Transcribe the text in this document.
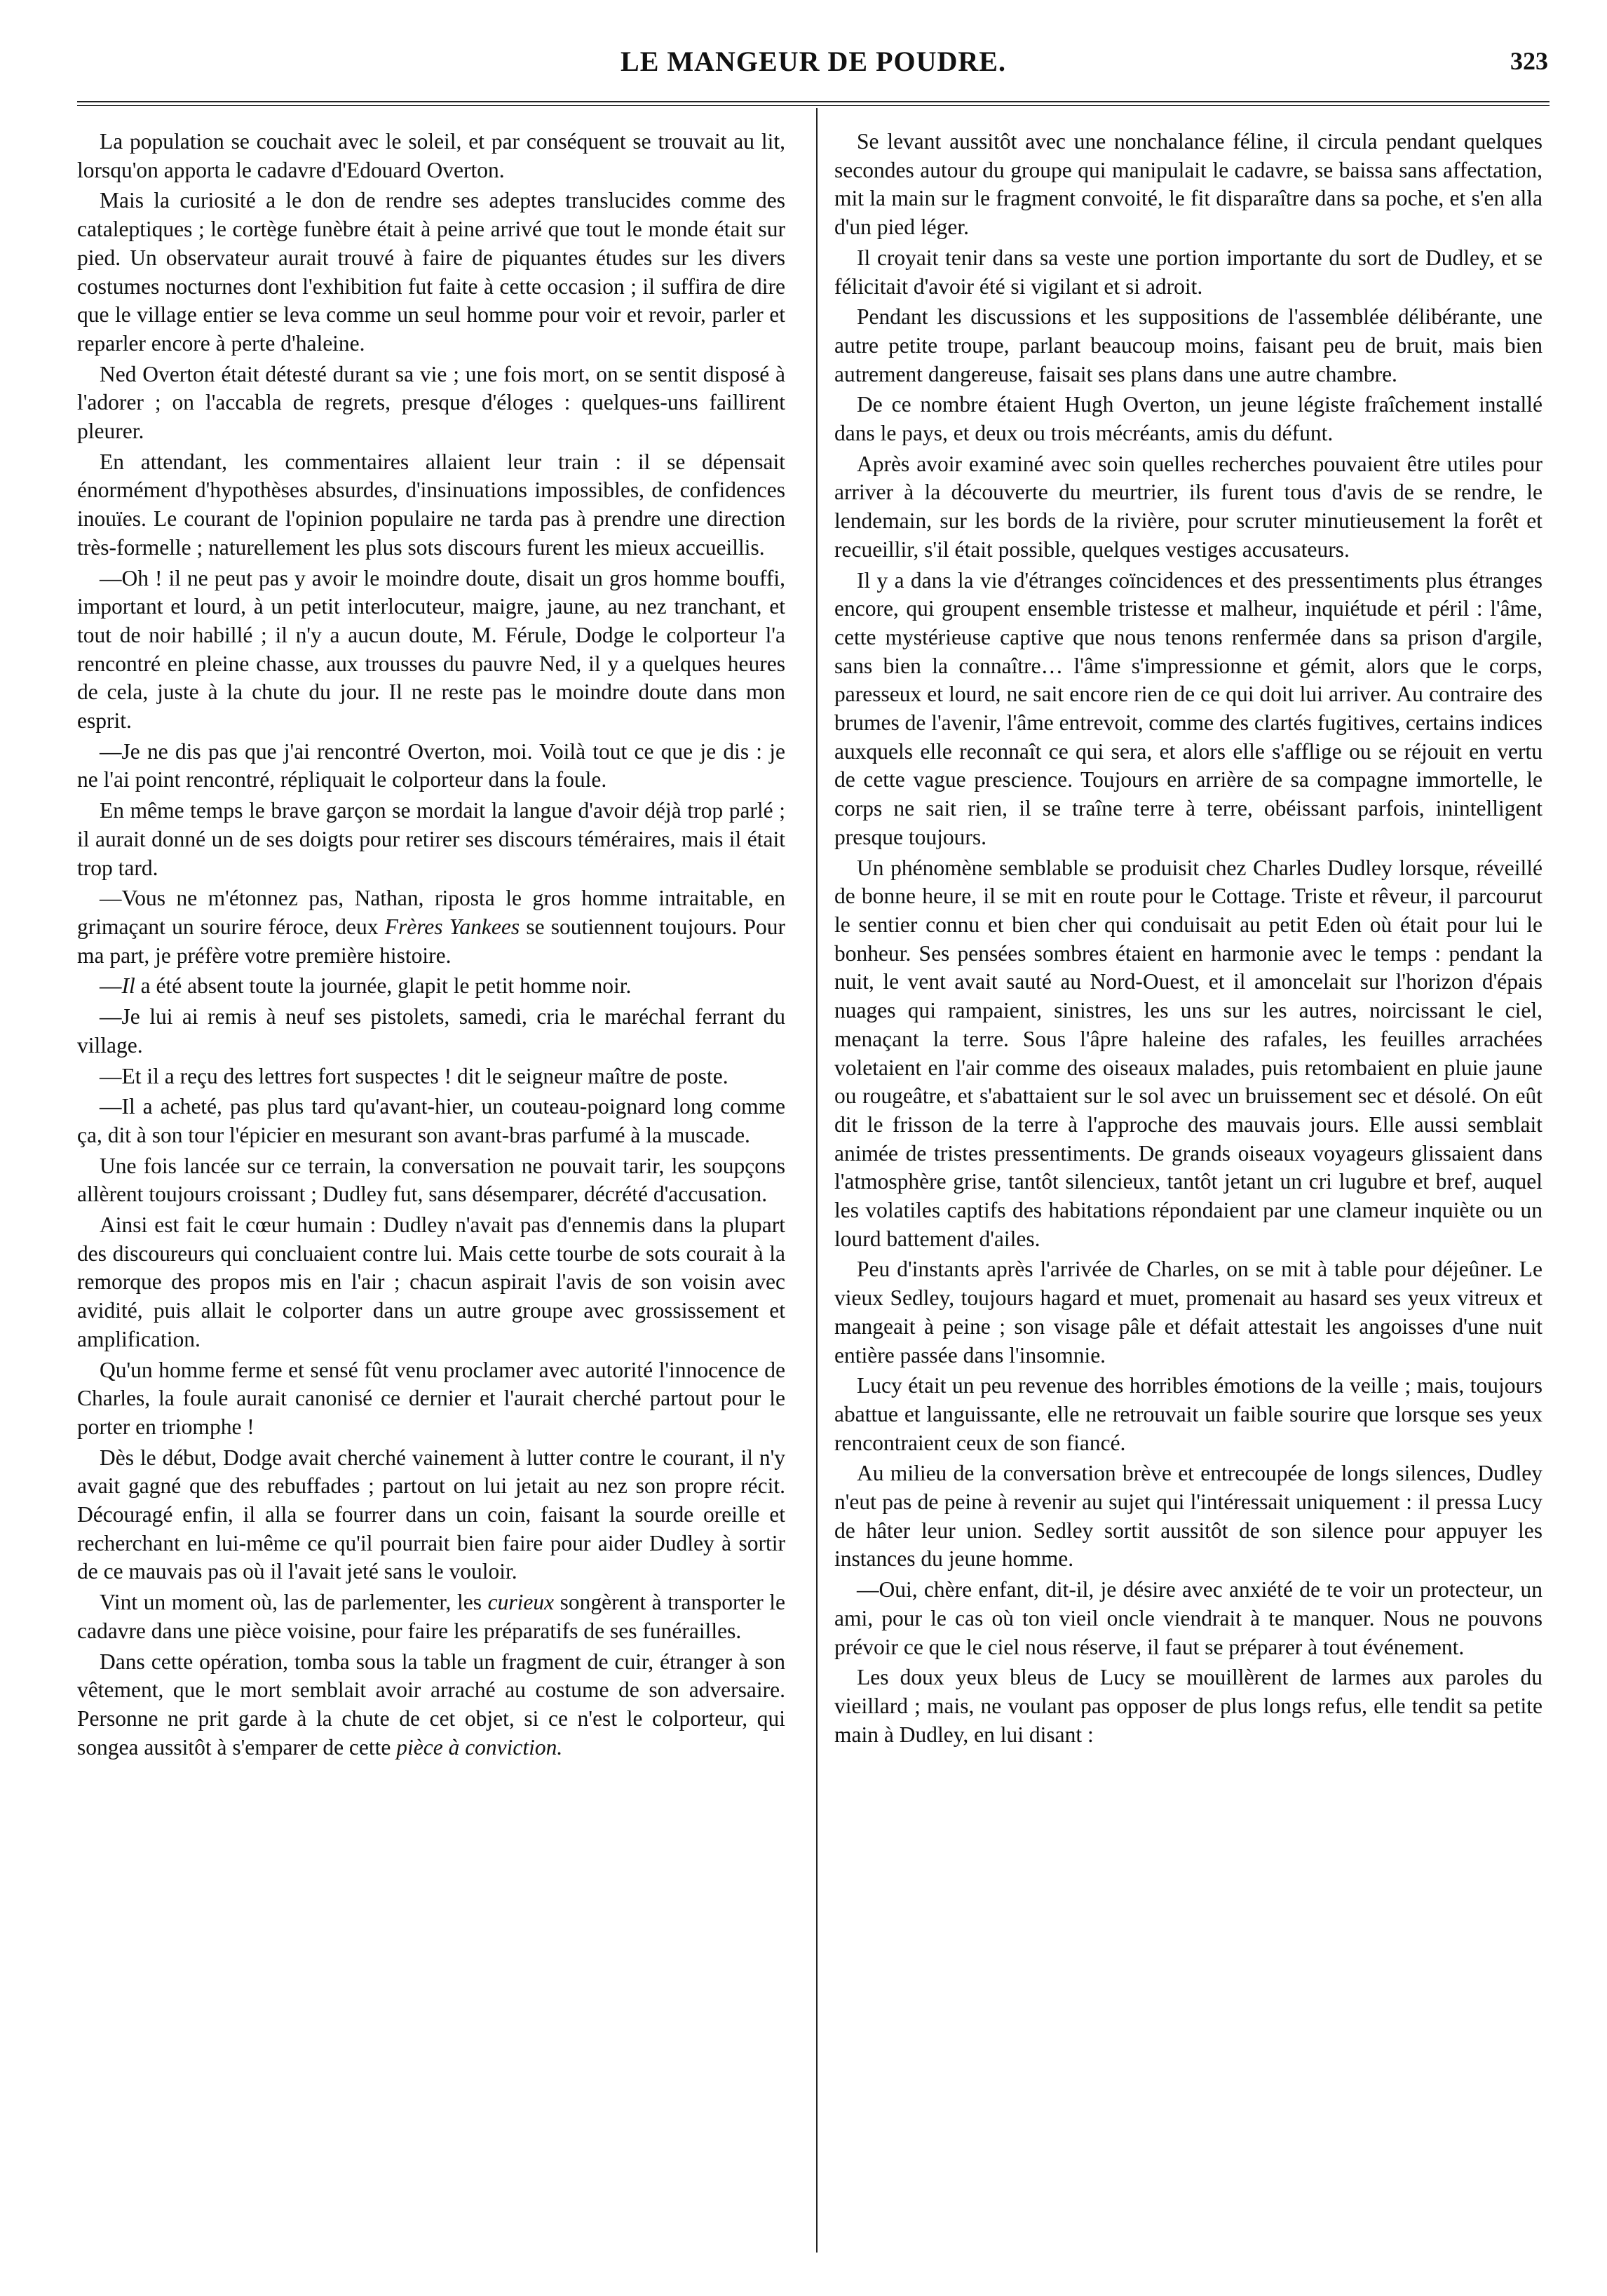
LE MANGEUR DE POUDRE.	323

La population se couchait avec le soleil, et par conséquent se trouvait au lit, lorsqu'on apporta le cadavre d'Edouard Overton.

Mais la curiosité a le don de rendre ses adeptes translucides comme des cataleptiques ; le cortège funèbre était à peine arrivé que tout le monde était sur pied. Un observateur aurait trouvé à faire de piquantes études sur les divers costumes nocturnes dont l'exhibition fut faite à cette occasion ; il suffira de dire que le village entier se leva comme un seul homme pour voir et revoir, parler et reparler encore à perte d'haleine.

Ned Overton était détesté durant sa vie ; une fois mort, on se sentit disposé à l'adorer ; on l'accabla de regrets, presque d'éloges : quelques-uns faillirent pleurer.

En attendant, les commentaires allaient leur train : il se dépensait énormément d'hypothèses absurdes, d'insinuations impossibles, de confidences inouïes. Le courant de l'opinion populaire ne tarda pas à prendre une direction très-formelle ; naturellement les plus sots discours furent les mieux accueillis.

—Oh ! il ne peut pas y avoir le moindre doute, disait un gros homme bouffi, important et lourd, à un petit interlocuteur, maigre, jaune, au nez tranchant, et tout de noir habillé ; il n'y a aucun doute, M. Férule, Dodge le colporteur l'a rencontré en pleine chasse, aux trousses du pauvre Ned, il y a quelques heures de cela, juste à la chute du jour. Il ne reste pas le moindre doute dans mon esprit.

—Je ne dis pas que j'ai rencontré Overton, moi. Voilà tout ce que je dis : je ne l'ai point rencontré, répliquait le colporteur dans la foule.

En même temps le brave garçon se mordait la langue d'avoir déjà trop parlé ; il aurait donné un de ses doigts pour retirer ses discours téméraires, mais il était trop tard.

—Vous ne m'étonnez pas, Nathan, riposta le gros homme intraitable, en grimaçant un sourire féroce, deux Frères Yankees se soutiennent toujours. Pour ma part, je préfère votre première histoire.

—Il a été absent toute la journée, glapit le petit homme noir.

—Je lui ai remis à neuf ses pistolets, samedi, cria le maréchal ferrant du village.

—Et il a reçu des lettres fort suspectes ! dit le seigneur maître de poste.

—Il a acheté, pas plus tard qu'avant-hier, un couteau-poignard long comme ça, dit à son tour l'épicier en mesurant son avant-bras parfumé à la muscade.

Une fois lancée sur ce terrain, la conversation ne pouvait tarir, les soupçons allèrent toujours croissant ; Dudley fut, sans désemparer, décrété d'accusation.

Ainsi est fait le cœur humain : Dudley n'avait pas d'ennemis dans la plupart des discoureurs qui concluaient contre lui. Mais cette tourbe de sots courait à la remorque des propos mis en l'air ; chacun aspirait l'avis de son voisin avec avidité, puis allait le colporter dans un autre groupe avec grossissement et amplification.

Qu'un homme ferme et sensé fût venu proclamer avec autorité l'innocence de Charles, la foule aurait canonisé ce dernier et l'aurait cherché partout pour le porter en triomphe !

Dès le début, Dodge avait cherché vainement à lutter contre le courant, il n'y avait gagné que des rebuffades ; partout on lui jetait au nez son propre récit. Découragé enfin, il alla se fourrer dans un coin, faisant la sourde oreille et recherchant en lui-même ce qu'il pourrait bien faire pour aider Dudley à sortir de ce mauvais pas où il l'avait jeté sans le vouloir.

Vint un moment où, las de parlementer, les curieux songèrent à transporter le cadavre dans une pièce voisine, pour faire les préparatifs de ses funérailles.

Dans cette opération, tomba sous la table un fragment de cuir, étranger à son vêtement, que le mort semblait avoir arraché au costume de son adversaire. Personne ne prit garde à la chute de cet objet, si ce n'est le colporteur, qui songea aussitôt à s'emparer de cette pièce à conviction.

Se levant aussitôt avec une nonchalance féline, il circula pendant quelques secondes autour du groupe qui manipulait le cadavre, se baissa sans affectation, mit la main sur le fragment convoité, le fit disparaître dans sa poche, et s'en alla d'un pied léger.

Il croyait tenir dans sa veste une portion importante du sort de Dudley, et se félicitait d'avoir été si vigilant et si adroit.

Pendant les discussions et les suppositions de l'assemblée délibérante, une autre petite troupe, parlant beaucoup moins, faisant peu de bruit, mais bien autrement dangereuse, faisait ses plans dans une autre chambre.

De ce nombre étaient Hugh Overton, un jeune légiste fraîchement installé dans le pays, et deux ou trois mécréants, amis du défunt.

Après avoir examiné avec soin quelles recherches pouvaient être utiles pour arriver à la découverte du meurtrier, ils furent tous d'avis de se rendre, le lendemain, sur les bords de la rivière, pour scruter minutieusement la forêt et recueillir, s'il était possible, quelques vestiges accusateurs.

Il y a dans la vie d'étranges coïncidences et des pressentiments plus étranges encore, qui groupent ensemble tristesse et malheur, inquiétude et péril : l'âme, cette mystérieuse captive que nous tenons renfermée dans sa prison d'argile, sans bien la connaître… l'âme s'impressionne et gémit, alors que le corps, paresseux et lourd, ne sait encore rien de ce qui doit lui arriver. Au contraire des brumes de l'avenir, l'âme entrevoit, comme des clartés fugitives, certains indices auxquels elle reconnaît ce qui sera, et alors elle s'afflige ou se réjouit en vertu de cette vague prescience. Toujours en arrière de sa compagne immortelle, le corps ne sait rien, il se traîne terre à terre, obéissant parfois, inintelligent presque toujours.

Un phénomène semblable se produisit chez Charles Dudley lorsque, réveillé de bonne heure, il se mit en route pour le Cottage. Triste et rêveur, il parcourut le sentier connu et bien cher qui conduisait au petit Eden où était pour lui le bonheur. Ses pensées sombres étaient en harmonie avec le temps : pendant la nuit, le vent avait sauté au Nord-Ouest, et il amoncelait sur l'horizon d'épais nuages qui rampaient, sinistres, les uns sur les autres, noircissant le ciel, menaçant la terre. Sous l'âpre haleine des rafales, les feuilles arrachées voletaient en l'air comme des oiseaux malades, puis retombaient en pluie jaune ou rougeâtre, et s'abattaient sur le sol avec un bruissement sec et désolé. On eût dit le frisson de la terre à l'approche des mauvais jours. Elle aussi semblait animée de tristes pressentiments. De grands oiseaux voyageurs glissaient dans l'atmosphère grise, tantôt silencieux, tantôt jetant un cri lugubre et bref, auquel les volatiles captifs des habitations répondaient par une clameur inquiète ou un lourd battement d'ailes.

Peu d'instants après l'arrivée de Charles, on se mit à table pour déjeûner. Le vieux Sedley, toujours hagard et muet, promenait au hasard ses yeux vitreux et mangeait à peine ; son visage pâle et défait attestait les angoisses d'une nuit entière passée dans l'insomnie.

Lucy était un peu revenue des horribles émotions de la veille ; mais, toujours abattue et languissante, elle ne retrouvait un faible sourire que lorsque ses yeux rencontraient ceux de son fiancé.

Au milieu de la conversation brève et entrecoupée de longs silences, Dudley n'eut pas de peine à revenir au sujet qui l'intéressait uniquement : il pressa Lucy de hâter leur union. Sedley sortit aussitôt de son silence pour appuyer les instances du jeune homme.

—Oui, chère enfant, dit-il, je désire avec anxiété de te voir un protecteur, un ami, pour le cas où ton vieil oncle viendrait à te manquer. Nous ne pouvons prévoir ce que le ciel nous réserve, il faut se préparer à tout événement.

Les doux yeux bleus de Lucy se mouillèrent de larmes aux paroles du vieillard ; mais, ne voulant pas opposer de plus longs refus, elle tendit sa petite main à Dudley, en lui disant :
